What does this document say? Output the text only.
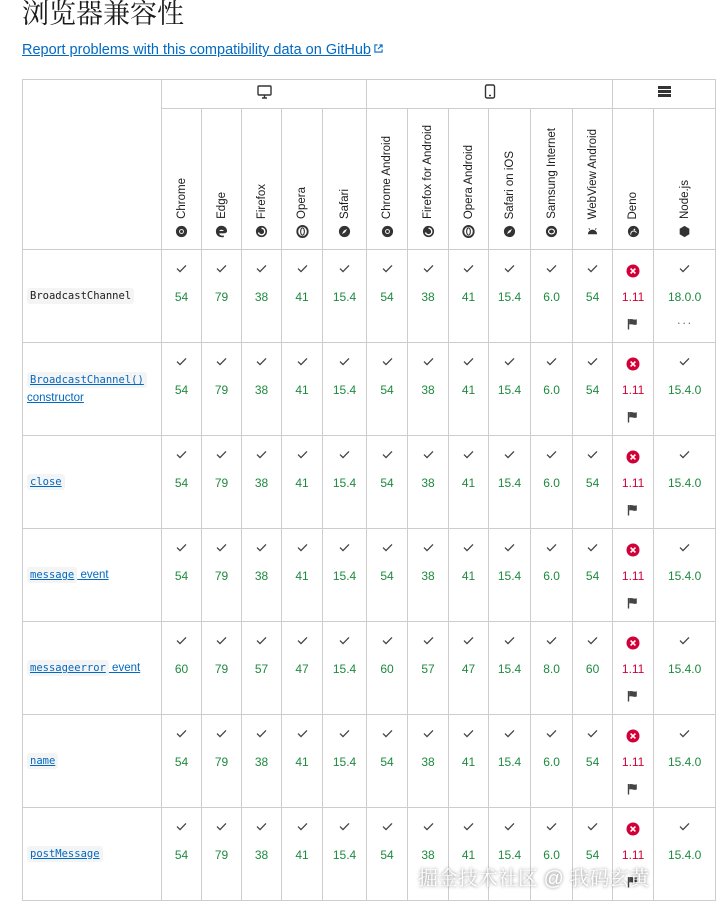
浏览器兼容性
Report problems with this compatibility data on GitHub

	Chrome	Edge	Firefox	Opera	Safari	Chrome Android	Firefox for Android	Opera Android	Safari on iOS	Samsung Internet	WebView Android	Deno	Node.js

BroadcastChannel	54	79	38	41	15.4	54	38	41	15.4	6.0	54	1.11	18.0.0
···

BroadcastChannel() constructor	54	79	38	41	15.4	54	38	41	15.4	6.0	54	1.11	15.4.0

close	54	79	38	41	15.4	54	38	41	15.4	6.0	54	1.11	15.4.0

message event	54	79	38	41	15.4	54	38	41	15.4	6.0	54	1.11	15.4.0

messageerror event	60	79	57	47	15.4	60	57	47	15.4	8.0	60	1.11	15.4.0

name	54	79	38	41	15.4	54	38	41	15.4	6.0	54	1.11	15.4.0

postMessage	54	79	38	41	15.4	54	38	41	15.4	6.0	54	1.11	15.4.0
掘金技术社区 @ 我码玄黄
